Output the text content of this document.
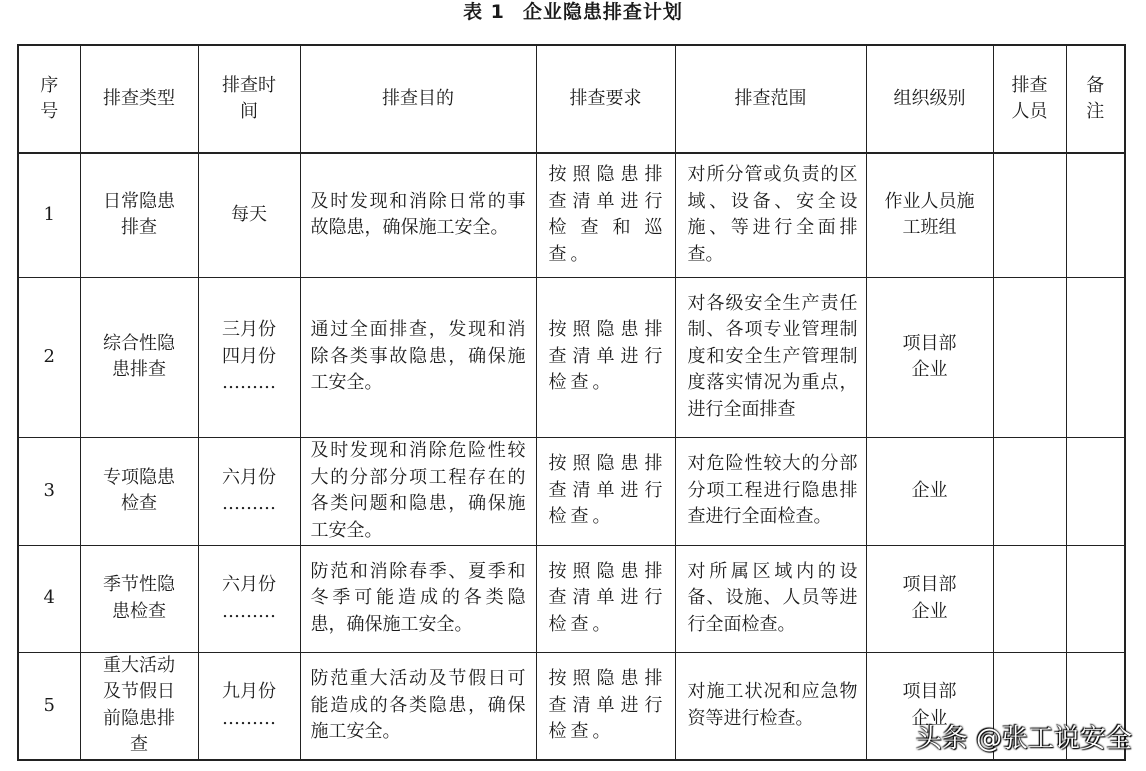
表 1 企业隐患排查计划
序号	排查类型	排查时间	排查目的	排查要求	排查范围	组织级别	排查人员	备注
1	日常隐患排查	每天	及时发现和消除日常的事故隐患，确保施工安全。	按照隐患排查清单进行检查和巡查。	对所分管或负责的区域、设备、安全设施、等进行全面排查。	作业人员施工班组		
2	综合性隐患排查	三月份
四月份
………	通过全面排查，发现和消除各类事故隐患，确保施工安全。	按照隐患排查清单进行检查。	对各级安全生产责任制、各项专业管理制度和安全生产管理制度落实情况为重点，进行全面排查	项目部
企业		
3	专项隐患检查	六月份
………	及时发现和消除危险性较大的分部分项工程存在的各类问题和隐患，确保施工安全。	按照隐患排查清单进行检查。	对危险性较大的分部分项工程进行隐患排查进行全面检查。	企业		
4	季节性隐患检查	六月份
………	防范和消除春季、夏季和冬季可能造成的各类隐患，确保施工安全。	按照隐患排查清单进行检查。	对所属区域内的设备、设施、人员等进行全面检查。	项目部
企业		
5	重大活动及节假日前隐患排查	九月份
………	防范重大活动及节假日可能造成的各类隐患，确保施工安全。	按照隐患排查清单进行检查。	对施工状况和应急物资等进行检查。	项目部
企业		
头条 @张工说安全
